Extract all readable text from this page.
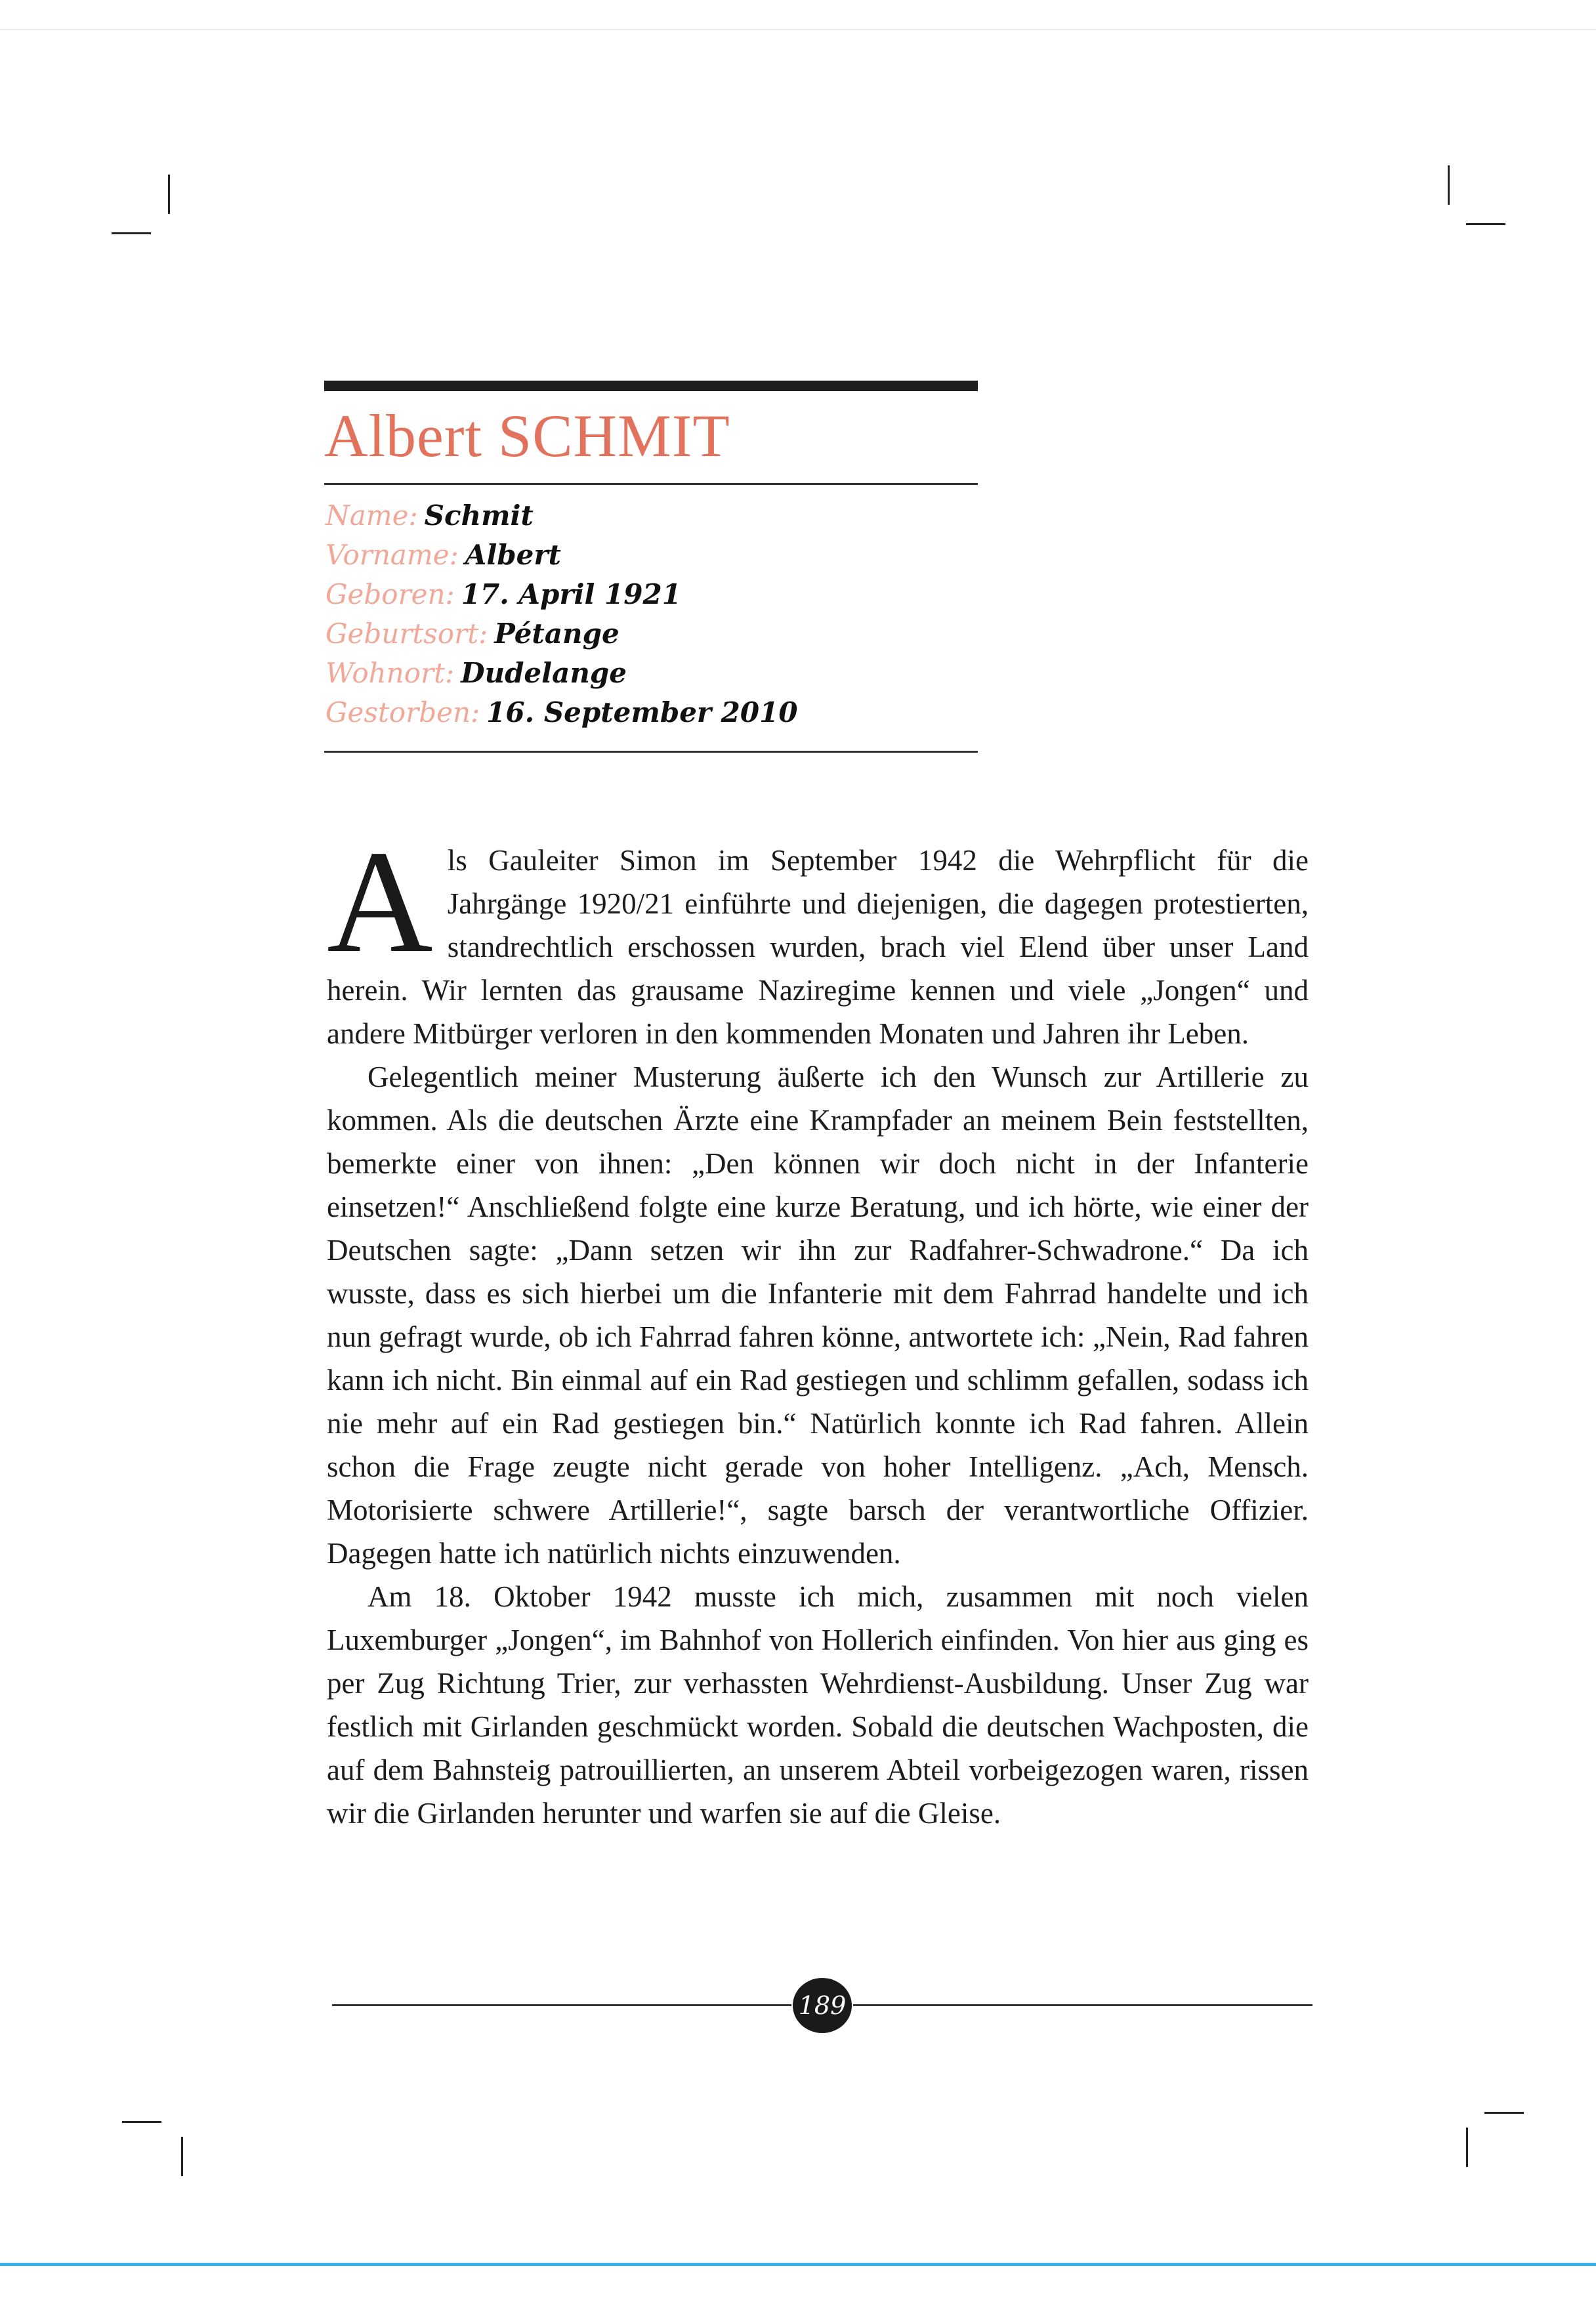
Albert SCHMIT
Name: Schmit
Vorname: Albert
Geboren: 17. April 1921
Geburtsort: Pétange
Wohnort: Dudelange
Gestorben: 16. September 2010

Als Gauleiter Simon im September 1942 die Wehrpflicht für die Jahrgänge 1920/21 einführte und diejenigen, die dagegen protestierten, standrechtlich erschossen wurden, brach viel Elend über unser Land herein. Wir lernten das grausame Naziregime kennen und viele „Jongen“ und andere Mitbürger verloren in den kommenden Monaten und Jahren ihr Leben.

Gelegentlich meiner Musterung äußerte ich den Wunsch zur Artillerie zu kommen. Als die deutschen Ärzte eine Krampfader an meinem Bein feststellten, bemerkte einer von ihnen: „Den können wir doch nicht in der Infanterie einsetzen!“ Anschließend folgte eine kurze Beratung, und ich hörte, wie einer der Deutschen sagte: „Dann setzen wir ihn zur Radfahrer-Schwadrone.“ Da ich wusste, dass es sich hierbei um die Infanterie mit dem Fahrrad handelte und ich nun gefragt wurde, ob ich Fahrrad fahren könne, antwortete ich: „Nein, Rad fahren kann ich nicht. Bin einmal auf ein Rad gestiegen und schlimm gefallen, sodass ich nie mehr auf ein Rad gestiegen bin.“ Natürlich konnte ich Rad fahren. Allein schon die Frage zeugte nicht gerade von hoher Intelligenz. „Ach, Mensch. Motorisierte schwere Artillerie!“, sagte barsch der verantwortliche Offizier. Dagegen hatte ich natürlich nichts einzuwenden.

Am 18. Oktober 1942 musste ich mich, zusammen mit noch vielen Luxemburger „Jongen“, im Bahnhof von Hollerich einfinden. Von hier aus ging es per Zug Richtung Trier, zur verhassten Wehrdienst-Ausbildung. Unser Zug war festlich mit Girlanden geschmückt worden. Sobald die deutschen Wachposten, die auf dem Bahnsteig patrouillierten, an unserem Abteil vorbeigezogen waren, rissen wir die Girlanden herunter und warfen sie auf die Gleise.

189
